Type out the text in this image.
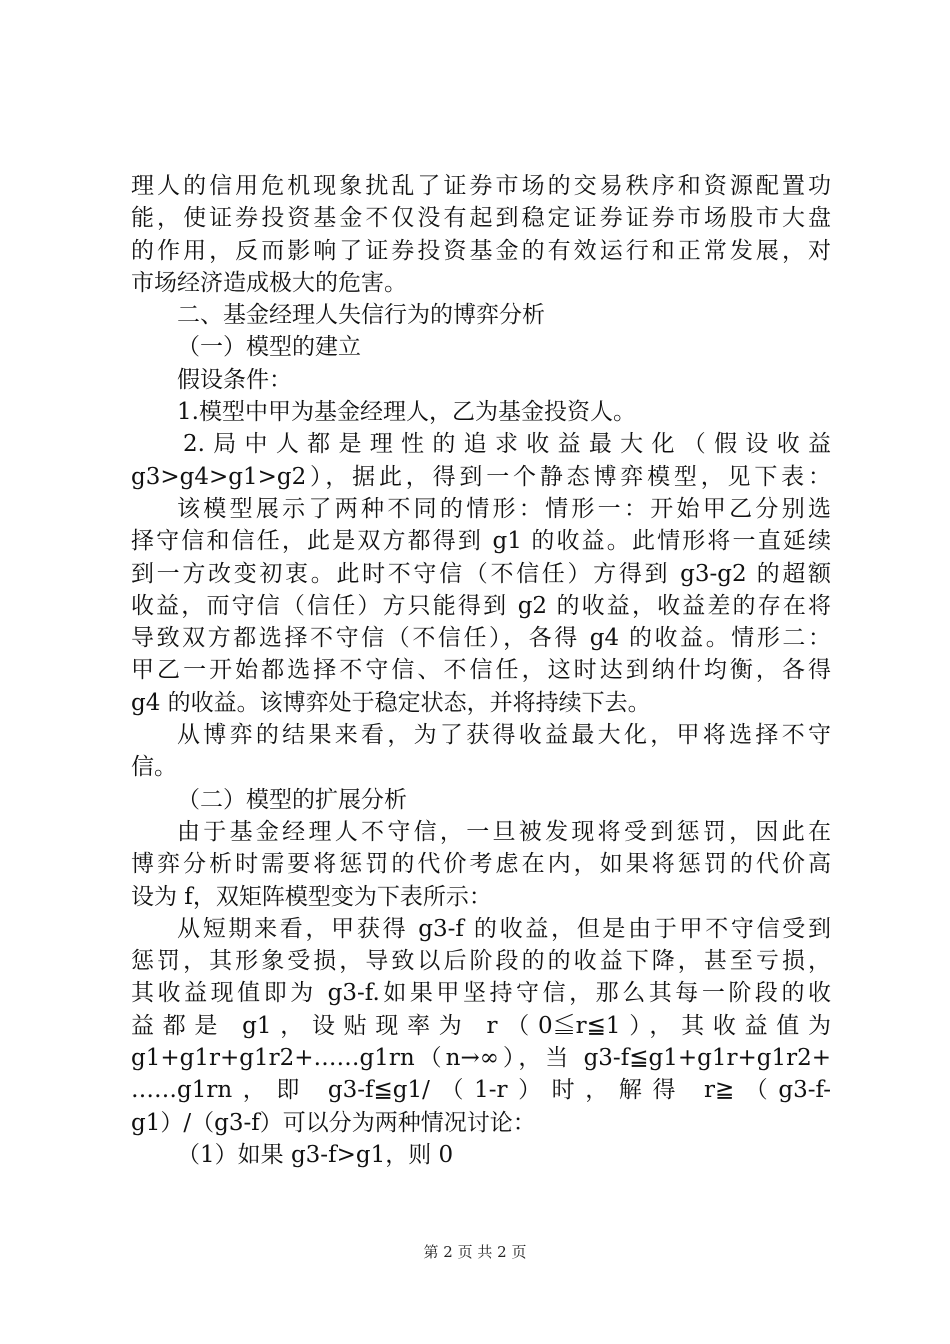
理人的信用危机现象扰乱了证券市场的交易秩序和资源配置功
能，使证券投资基金不仅没有起到稳定证券证券市场股市大盘
的作用，反而影响了证券投资基金的有效运行和正常发展，对
市场经济造成极大的危害。
二、基金经理人失信行为的博弈分析
（一）模型的建立
假设条件：
1.模型中甲为基金经理人，乙为基金投资人。
2.局中人都是理性的追求收益最大化（假设收益
g3>g4>g1>g2），据此，得到一个静态博弈模型，见下表：
该模型展示了两种不同的情形：情形一：开始甲乙分别选
择守信和信任，此是双方都得到 g1 的收益。此情形将一直延续
到一方改变初衷。此时不守信（不信任）方得到 g3-g2 的超额
收益，而守信（信任）方只能得到 g2 的收益，收益差的存在将
导致双方都选择不守信（不信任），各得 g4 的收益。情形二：
甲乙一开始都选择不守信、不信任，这时达到纳什均衡，各得
g4 的收益。该博弈处于稳定状态，并将持续下去。
从博弈的结果来看，为了获得收益最大化，甲将选择不守
信。
（二）模型的扩展分析
由于基金经理人不守信，一旦被发现将受到惩罚，因此在
博弈分析时需要将惩罚的代价考虑在内，如果将惩罚的代价高
设为 f，双矩阵模型变为下表所示：
从短期来看，甲获得 g3-f 的收益，但是由于甲不守信受到
惩罚，其形象受损，导致以后阶段的的收益下降，甚至亏损，
其收益现值即为 g3-f.如果甲坚持守信，那么其每一阶段的收
益都是 g1，设贴现率为 r（0≦r≦1），其收益值为
g1+g1r+g1r2+……g1rn（n→∞），当 g3-f≦g1+g1r+g1r2+
……g1rn，即 g3-f≦g1/（1-r）时，解得 r≧（g3-f-
g1）/（g3-f）可以分为两种情况讨论：
（1）如果 g3-f>g1，则 0
第 2 页 共 2 页
